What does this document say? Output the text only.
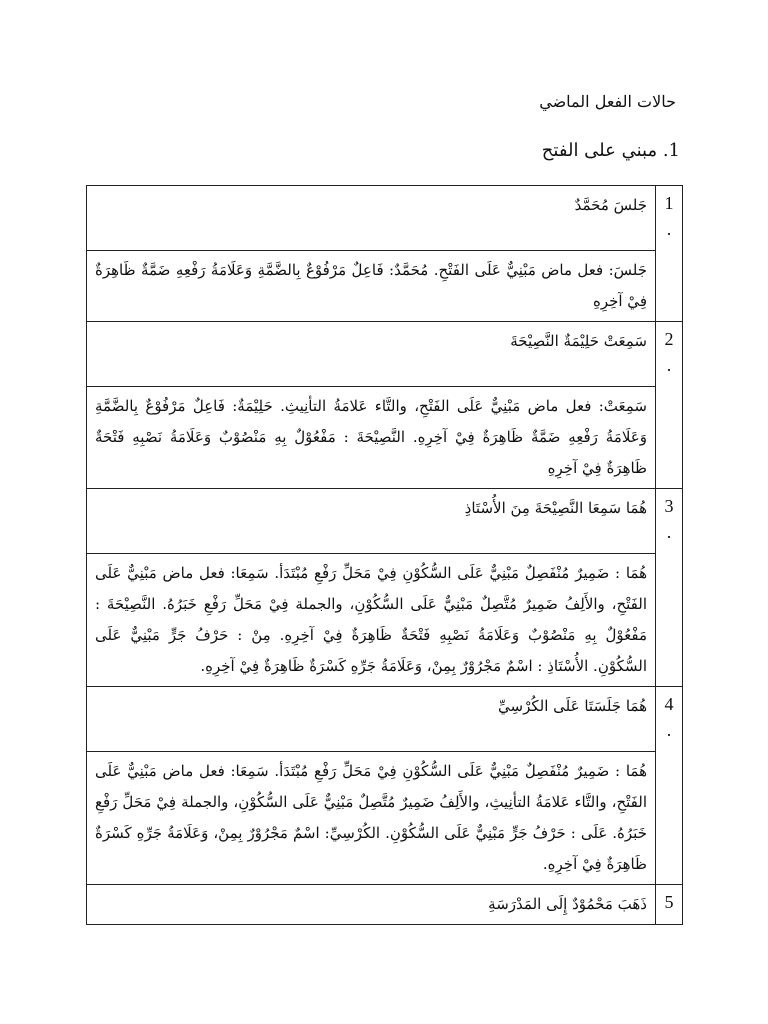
حالات الفعل الماضي
1. مبني على الفتح
1
.	جَلسَ مُحَمَّدٌ
	جَلسَ: فعل ماض مَبْنِيٌّ عَلَى الفَتْحِ. مُحَمَّدٌ: فَاعِلٌ مَرْفُوْعٌ بِالضَّمَّةِ وَعَلَامَةُ رَفْعِهِ ضَمَّةٌ ظَاهِرَةٌ فِيْ آخِرِهِ

2
.	سَمِعَتْ حَلِيْمَةٌ النَّصِيْحَةَ
	سَمِعَتْ: فعل ماض مَبْنِيٌّ عَلَى الفَتْحِ، والتَّاء عَلامَةُ التأنِيثِ. حَلِيْمَةٌ: فَاعِلٌ مَرْفُوْعٌ بِالضَّمَّةِ وَعَلَامَةُ رَفْعِهِ ضَمَّةٌ ظَاهِرَةٌ فِيْ آخِرِهِ. النَّصِيْحَةَ : مَفْعُوْلٌ بِهِ مَنْصُوْبٌ وَعَلَامَةُ نَصْبِهِ فَتْحَةٌ ظَاهِرَةٌ فِيْ آخِرِهِ

3
.	هُمَا سَمِعَا النَّصِيْحَةَ مِنَ الأُسْتَاذِ
	هُمَا : ضَمِيرٌ مُنْفَصِلٌ مَبْنِيٌّ عَلَى السُّكُوْنِ فِيْ مَحَلِّ رَفْعِ مُبْتَدَأ. سَمِعَا: فعل ماض مَبْنِيٌّ عَلَى الفَتْحِ، والأَلِفُ ضَمِيرٌ مُتَّصِلٌ مَبْنِيٌّ عَلَى السُّكُوْنِ، والجملة فِيْ مَحَلِّ رَفْعِ خَبَرُهُ. النَّصِيْحَةَ : مَفْعُوْلٌ بِهِ مَنْصُوْبٌ وَعَلَامَةُ نَصْبِهِ فَتْحَةٌ ظَاهِرَةٌ فِيْ آخِرِهِ. مِنْ : حَرْفُ جَرٍّ مَبْنِيٌّ عَلَى السُّكُوْنِ. الأُسْتَاذِ : اسْمٌ مَجْرُوْرٌ بِمِنْ، وَعَلَامَةُ جَرِّهِ كَسْرَةٌ ظَاهِرَةٌ فِيْ آخِرِهِ.

4
.	هُمَا جَلَسَتَا عَلَى الكُرْسِيِّ
	هُمَا : ضَمِيرٌ مُنْفَصِلٌ مَبْنِيٌّ عَلَى السُّكُوْنِ فِيْ مَحَلِّ رَفْعِ مُبْتَدَأ. سَمِعَا: فعل ماض مَبْنِيٌّ عَلَى الفَتْحِ، والتَّاء عَلامَةُ التأنِيثِ، والأَلِفُ ضَمِيرٌ مُتَّصِلٌ مَبْنِيٌّ عَلَى السُّكُوْنِ، والجملة فِيْ مَحَلِّ رَفْعِ خَبَرُهُ. عَلَى : حَرْفُ جَرٍّ مَبْنِيٌّ عَلَى السُّكُوْنِ. الكُرْسِيِّ: اسْمٌ مَجْرُوْرٌ بِمِنْ، وَعَلَامَةُ جَرِّهِ كَسْرَةٌ ظَاهِرَةٌ فِيْ آخِرِهِ.

5	ذَهَبَ مَحْمُوْدٌ إِلَى المَدْرَسَةِ
